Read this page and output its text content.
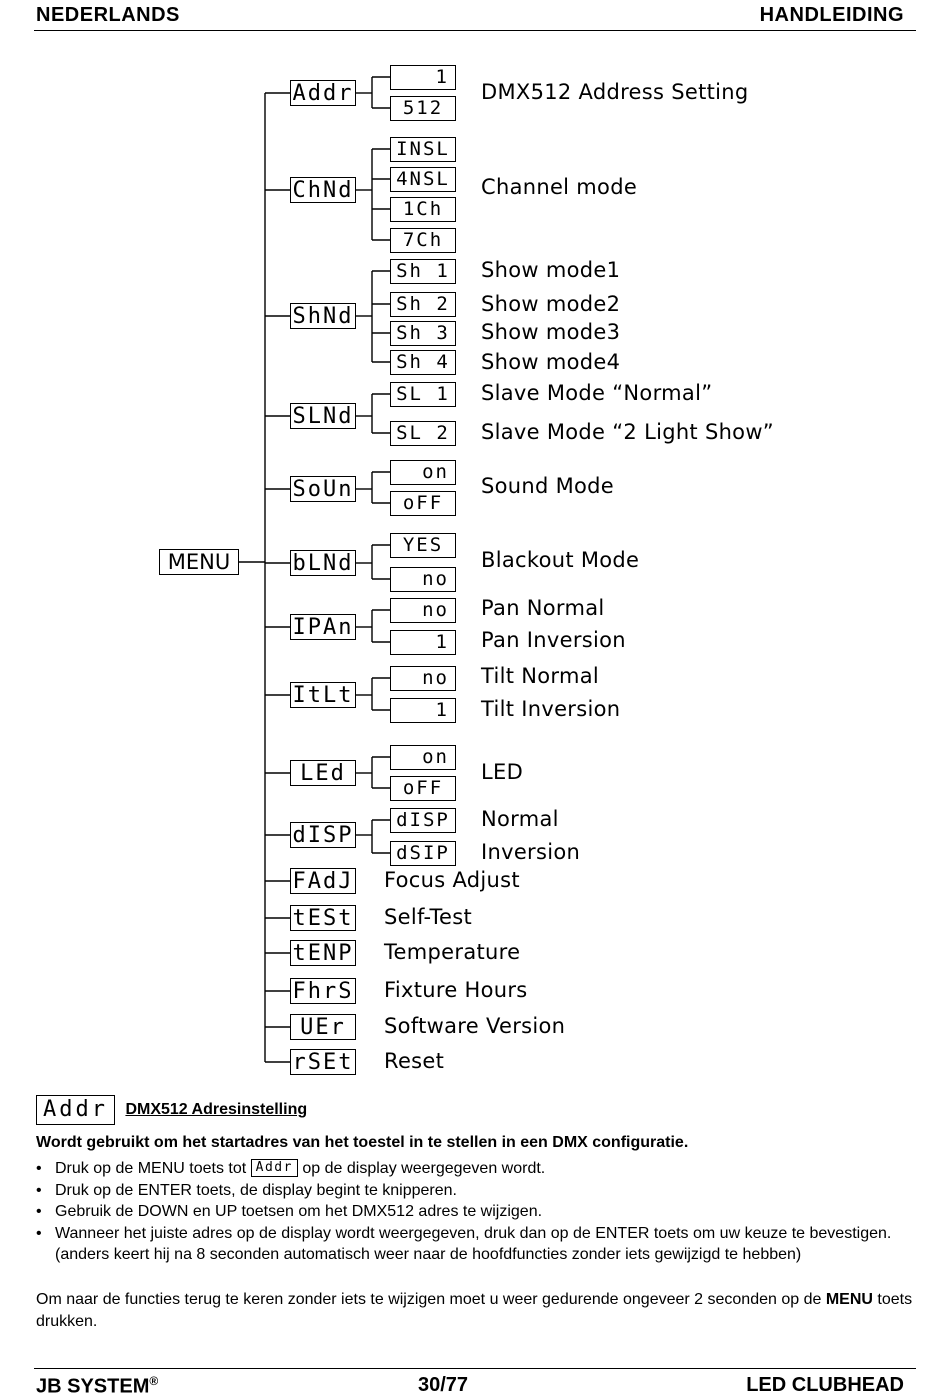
NEDERLANDS	HANDLEIDING
MENU
Addr
1
512
DMX512 Address Setting
ChNd
INSL
4NSL
1Ch
7Ch
Channel mode
ShNd
Sh 1
Sh 2
Sh 3
Sh 4
Show mode1
Show mode2
Show mode3
Show mode4
SLNd
SL 1
SL 2
Slave Mode “Normal”
Slave Mode “2 Light Show”
SoUn
on
oFF
Sound Mode
bLNd
YES
no
Blackout Mode
IPAn
no
1
Pan Normal
Pan Inversion
ItLt
no
1
Tilt Normal
Tilt Inversion
LEd
on
oFF
LED
dISP
dISP
dSIP
Normal
Inversion
FAdJ Focus Adjust
tESt Self-Test
tENP Temperature
FhrS Fixture Hours
UEr	Software Version
rSEt Reset
Addr DMX512 Adresinstelling
Wordt gebruikt om het startadres van het toestel in te stellen in een DMX configuratie.
• Druk op de MENU toets tot Addr op de display weergegeven wordt.
• Druk op de ENTER toets, de display begint te knipperen.
• Gebruik de DOWN en UP toetsen om het DMX512 adres te wijzigen.
• Wanneer het juiste adres op de display wordt weergegeven, druk dan op de ENTER toets om uw keuze te bevestigen.
(anders keert hij na 8 seconden automatisch weer naar de hoofdfuncties zonder iets gewijzigd te hebben)
Om naar de functies terug te keren zonder iets te wijzigen moet u weer gedurende ongeveer 2 seconden op de MENU toets drukken.
JB SYSTEM®	30/77	LED CLUBHEAD
